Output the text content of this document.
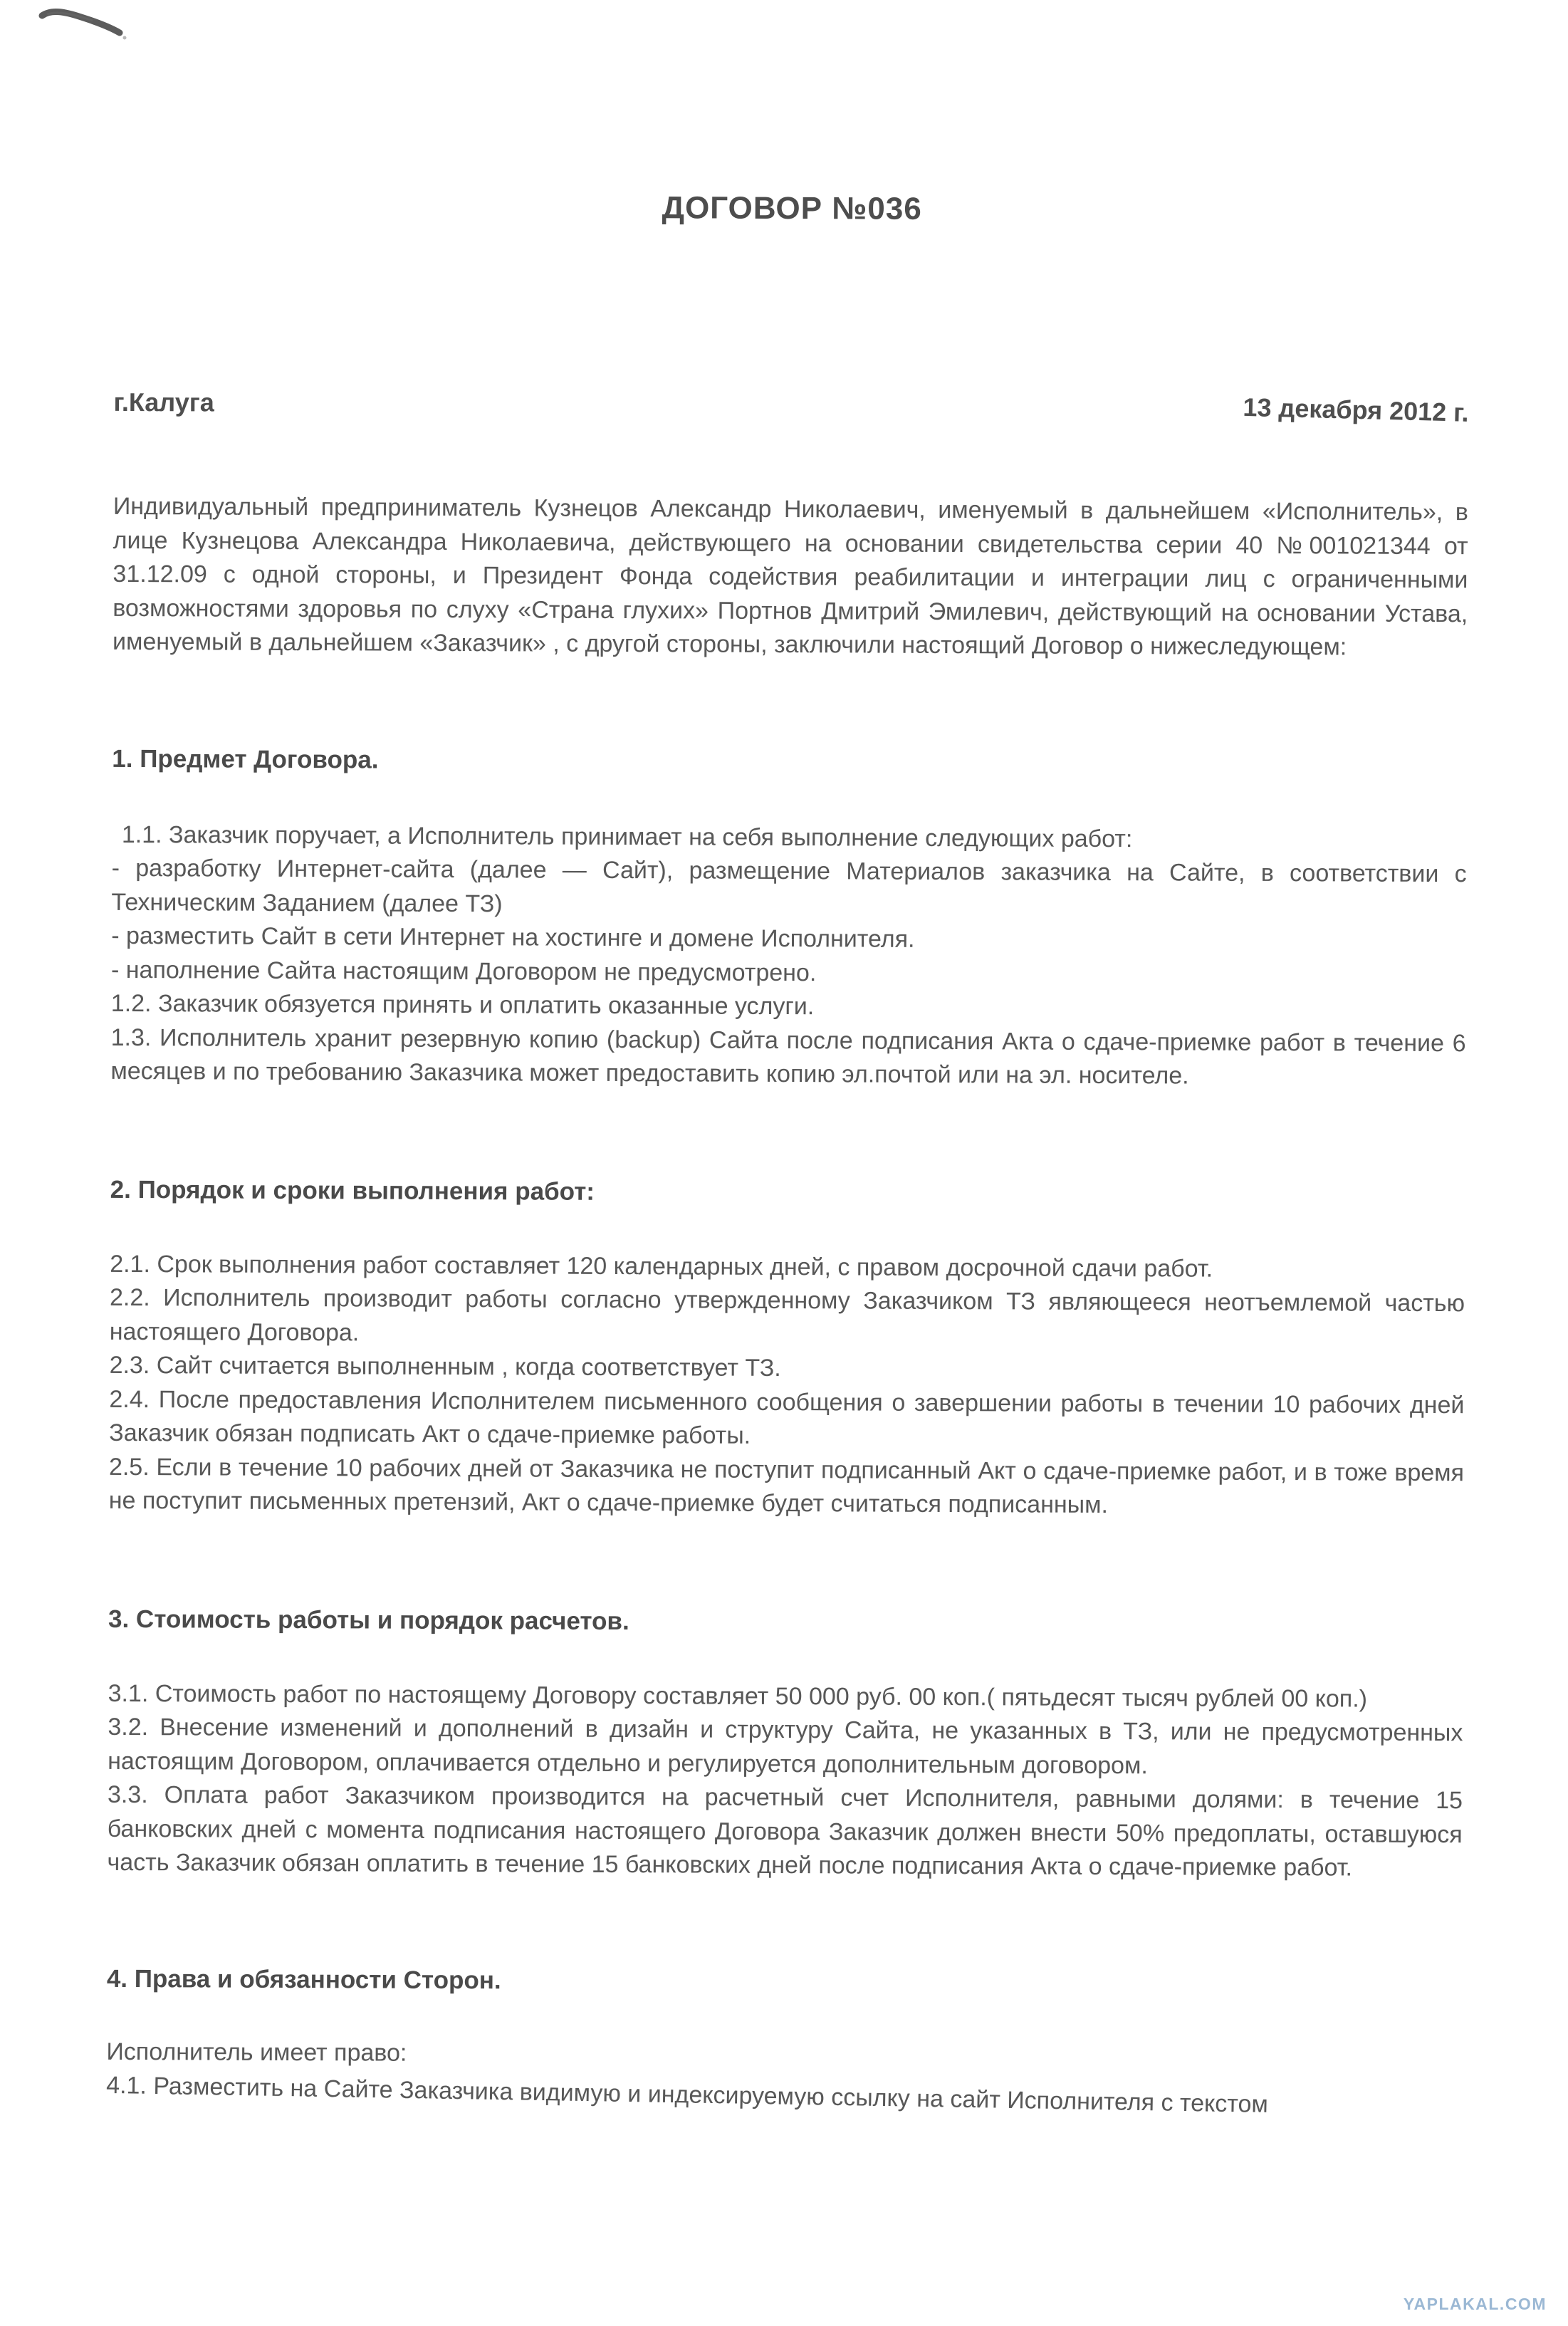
ДОГОВОР №036
г.Калуга	13 декабря 2012 г.

Индивидуальный предприниматель Кузнецов Александр Николаевич, именуемый в дальнейшем «Исполнитель», в лице Кузнецова Александра Николаевича, действующего на основании свидетельства серии 40 №001021344 от 31.12.09 с одной стороны, и Президент Фонда содействия реабилитации и интеграции лиц с ограниченными возможностями здоровья по слуху «Страна глухих» Портнов Дмитрий Эмилевич, действующий на основании Устава, именуемый в дальнейшем «Заказчик» , с другой стороны, заключили настоящий Договор о нижеследующем:

1. Предмет Договора.

1.1. Заказчик поручает, а Исполнитель принимает на себя выполнение следующих работ:

- разработку Интернет-сайта (далее — Сайт), размещение Материалов заказчика на Сайте, в соответствии с Техническим Заданием (далее ТЗ)

- разместить Сайт в сети Интернет на хостинге и домене Исполнителя.

- наполнение Сайта настоящим Договором не предусмотрено.

1.2. Заказчик обязуется принять и оплатить оказанные услуги.

1.3. Исполнитель хранит резервную копию (backup) Сайта после подписания Акта о сдаче-приемке работ в течение 6 месяцев и по требованию Заказчика может предоставить копию эл.почтой или на эл. носителе.

2. Порядок и сроки выполнения работ:

2.1. Срок выполнения работ составляет 120 календарных дней, с правом досрочной сдачи работ.

2.2. Исполнитель производит работы согласно утвержденному Заказчиком ТЗ являющееся неотъемлемой частью настоящего Договора.

2.3. Сайт считается выполненным , когда соответствует ТЗ.

2.4. После предоставления Исполнителем письменного сообщения о завершении работы в течении 10 рабочих дней Заказчик обязан подписать Акт о сдаче-приемке работы.

2.5. Если в течение 10 рабочих дней от Заказчика не поступит подписанный Акт о сдаче-приемке работ, и в тоже время не поступит письменных претензий, Акт о сдаче-приемке будет считаться подписанным.

3. Стоимость работы и порядок расчетов.

3.1. Стоимость работ по настоящему Договору составляет 50 000 руб. 00 коп.( пятьдесят тысяч рублей 00 коп.)

3.2. Внесение изменений и дополнений в дизайн и структуру Сайта, не указанных в ТЗ, или не предусмотренных настоящим Договором, оплачивается отдельно и регулируется дополнительным договором.

3.3. Оплата работ Заказчиком производится на расчетный счет Исполнителя, равными долями: в течение 15 банковских дней с момента подписания настоящего Договора Заказчик должен внести 50% предоплаты, оставшуюся часть Заказчик обязан оплатить в течение 15 банковских дней после подписания Акта о сдаче-приемке работ.

4. Права и обязанности Сторон.

Исполнитель имеет право:

4.1. Разместить на Сайте Заказчика видимую и индексируемую ссылку на сайт Исполнителя с текстом

YAPLAKAL.COM
